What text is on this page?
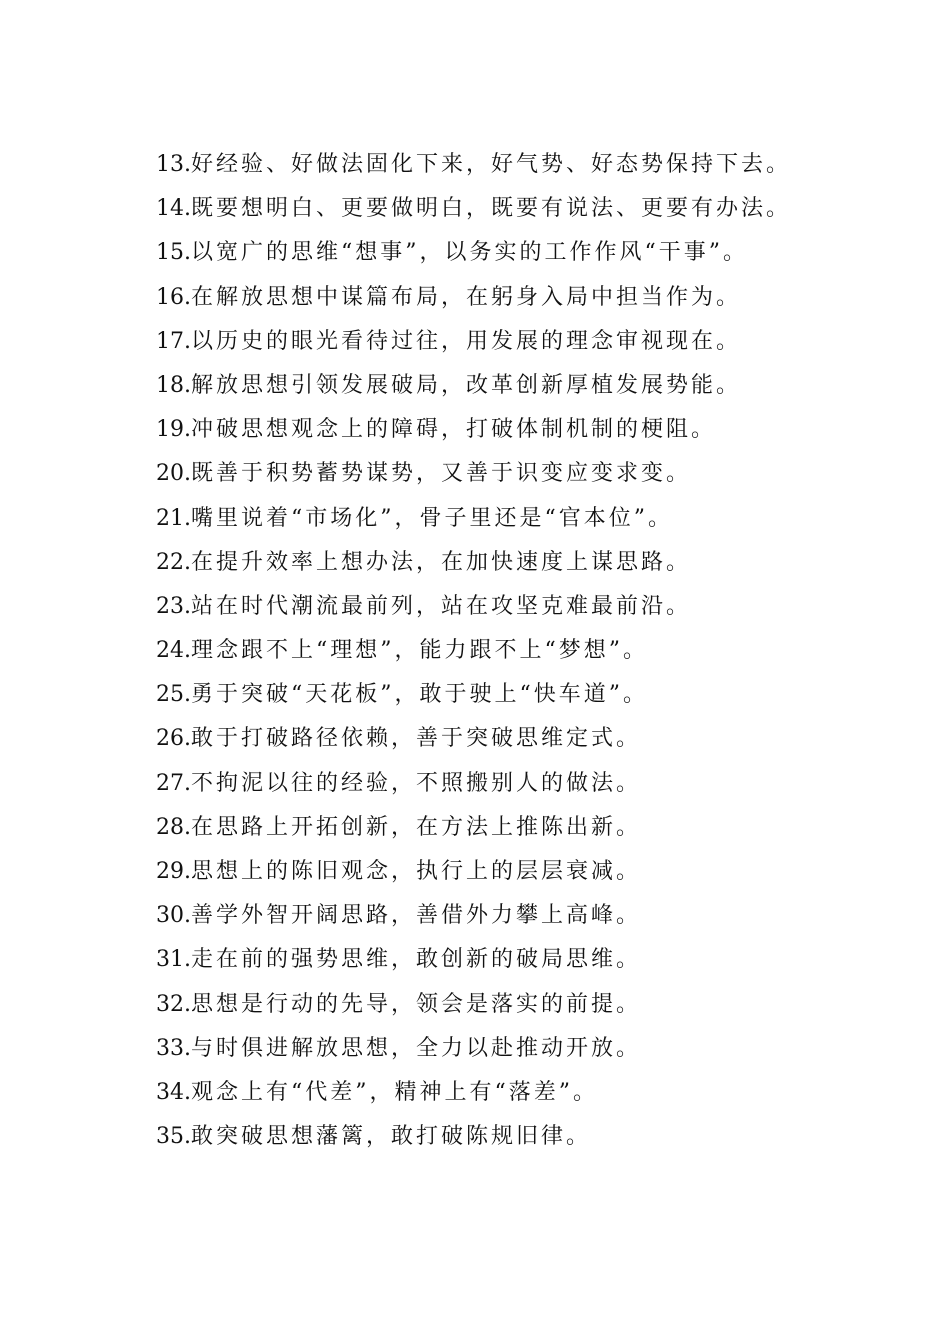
13.好经验、好做法固化下来，好气势、好态势保持下去。
14.既要想明白、更要做明白，既要有说法、更要有办法。
15.以宽广的思维“想事”，以务实的工作作风“干事”。
16.在解放思想中谋篇布局，在躬身入局中担当作为。
17.以历史的眼光看待过往，用发展的理念审视现在。
18.解放思想引领发展破局，改革创新厚植发展势能。
19.冲破思想观念上的障碍，打破体制机制的梗阻。
20.既善于积势蓄势谋势，又善于识变应变求变。
21.嘴里说着“市场化”，骨子里还是“官本位”。
22.在提升效率上想办法，在加快速度上谋思路。
23.站在时代潮流最前列，站在攻坚克难最前沿。
24.理念跟不上“理想”，能力跟不上“梦想”。
25.勇于突破“天花板”，敢于驶上“快车道”。
26.敢于打破路径依赖，善于突破思维定式。
27.不拘泥以往的经验，不照搬别人的做法。
28.在思路上开拓创新，在方法上推陈出新。
29.思想上的陈旧观念，执行上的层层衰减。
30.善学外智开阔思路，善借外力攀上高峰。
31.走在前的强势思维，敢创新的破局思维。
32.思想是行动的先导，领会是落实的前提。
33.与时俱进解放思想，全力以赴推动开放。
34.观念上有“代差”，精神上有“落差”。
35.敢突破思想藩篱，敢打破陈规旧律。
